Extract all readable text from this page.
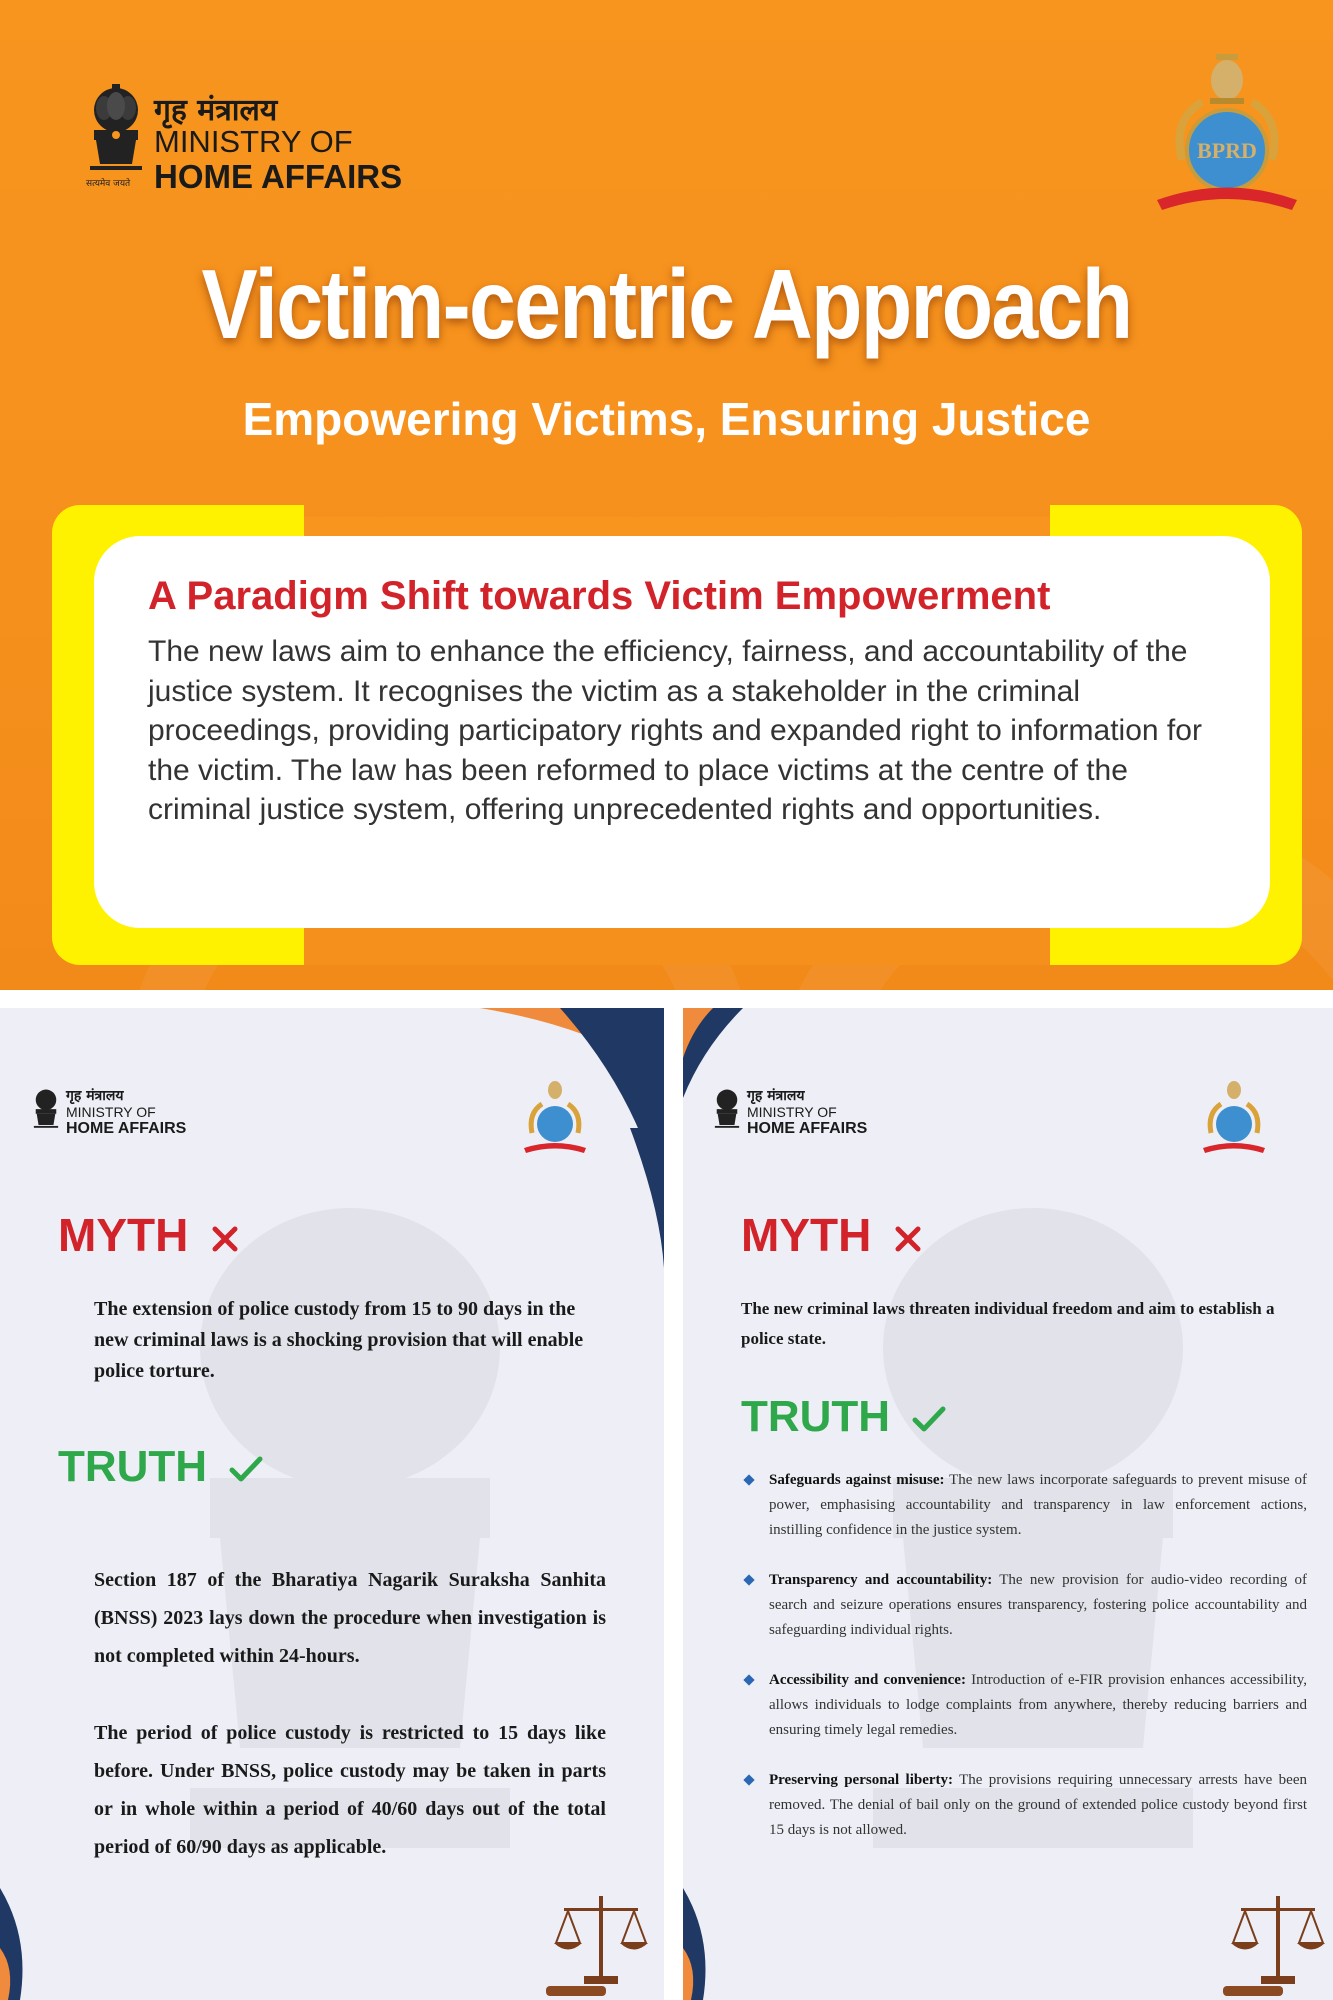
गृह मंत्रालय
MINISTRY OF
HOME AFFAIRS
सत्यमेव जयते
BPRD
Victim-centric Approach
Empowering Victims, Ensuring Justice
A Paradigm Shift towards Victim Empowerment

The new laws aim to enhance the efficiency, fairness, and accountability of the justice system. It recognises the victim as a stakeholder in the criminal proceedings, providing participatory rights and expanded right to information for the victim. The law has been reformed to place victims at the centre of the criminal justice system, offering unprecedented rights and opportunities.

गृह मंत्रालय
MINISTRY OF
HOME AFFAIRS
MYTH

The extension of police custody from 15 to 90 days in the new criminal laws is a shocking provision that will enable police torture.

TRUTH

Section 187 of the Bharatiya Nagarik Suraksha Sanhita (BNSS) 2023 lays down the procedure when investigation is not completed within 24-hours.

The period of police custody is restricted to 15 days like before. Under BNSS, police custody may be taken in parts or in whole within a period of 40/60 days out of the total period of 60/90 days as applicable.

गृह मंत्रालय
MINISTRY OF
HOME AFFAIRS
MYTH

The new criminal laws threaten individual freedom and aim to establish a police state.

TRUTH
Safeguards against misuse: The new laws incorporate safeguards to prevent misuse of power, emphasising accountability and transparency in law enforcement actions, instilling confidence in the justice system.
Transparency and accountability: The new provision for audio-video recording of search and seizure operations ensures transparency, fostering police accountability and safeguarding individual rights.
Accessibility and convenience: Introduction of e-FIR provision enhances accessibility, allows individuals to lodge complaints from anywhere, thereby reducing barriers and ensuring timely legal remedies.
Preserving personal liberty: The provisions requiring unnecessary arrests have been removed. The denial of bail only on the ground of extended police custody beyond first 15 days is not allowed.
